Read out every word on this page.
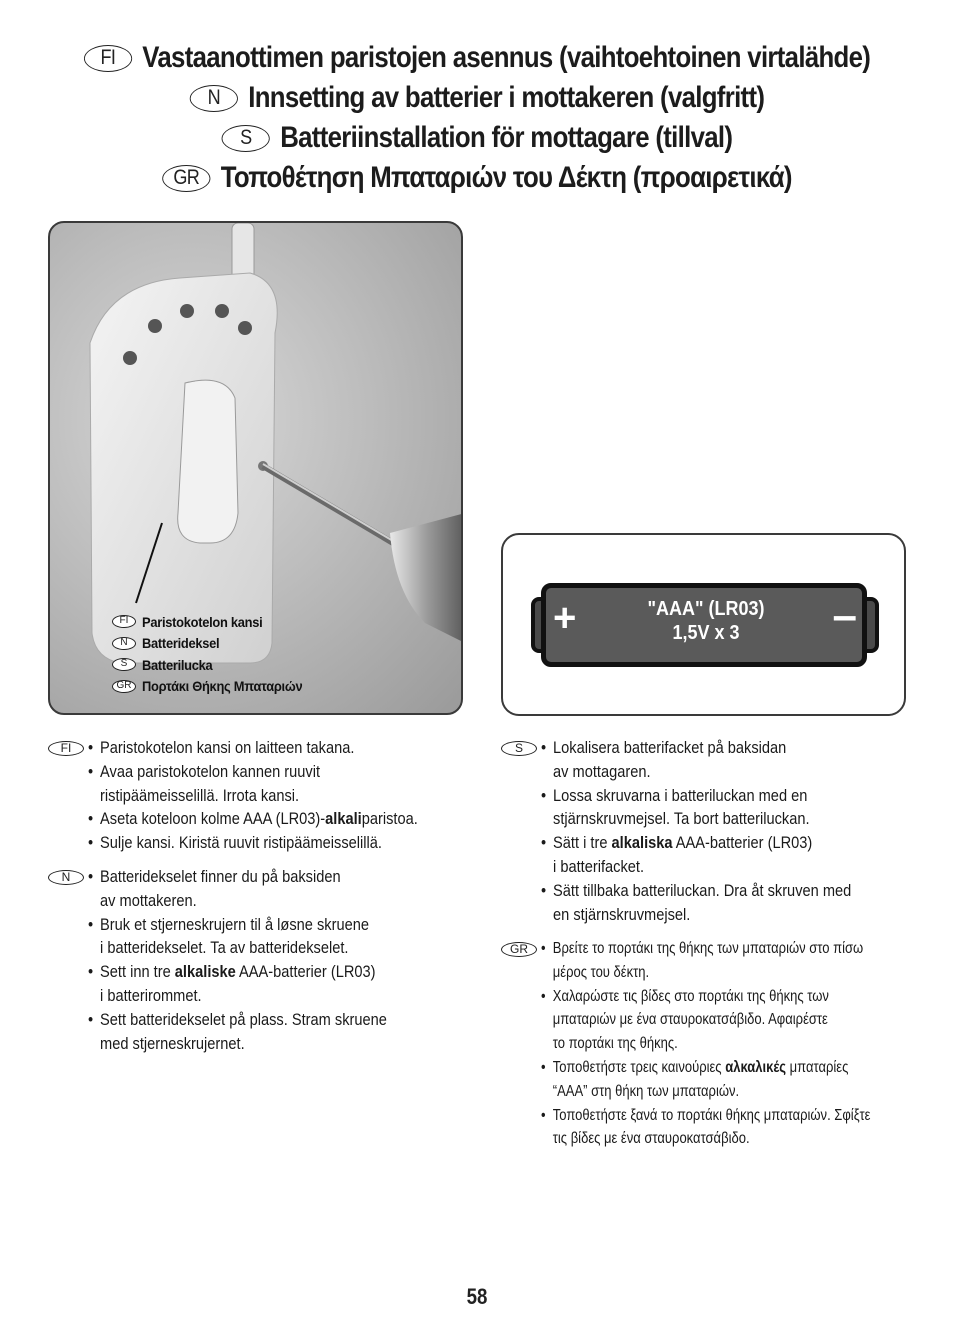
FI Vastaanottimen paristojen asennus (vaihtoehtoinen virtalähde)
N Innsetting av batterier i mottakeren (valgfritt)
S Batteriinstallation för mottagare (tillval)
GR Τοποθέτηση Μπαταριών του Δέκτη (προαιρετικά)
FI Paristokotelon kansi
N	Batterideksel
S	Batterilucka
GR Πορτάκι Θήκης Μπαταριών
+	–
"AAA" (LR03)
1,5V x 3
FI	• Paristokotelon kansi on laitteen takana.
• Avaa paristokotelon kannen ruuvit
ristipäämeisselillä. Irrota kansi.
• Aseta koteloon kolme AAA (LR03)-alkaliparistoa.
• Sulje kansi. Kiristä ruuvit ristipäämeisselillä.
N	• Batteridekselet finner du på baksiden
av mottakeren.
• Bruk et stjerneskrujern til å løsne skruene
i batteridekselet. Ta av batteridekselet.
• Sett inn tre alkaliske AAA-batterier (LR03)
i batterirommet.
• Sett batteridekselet på plass. Stram skruene
med stjerneskrujernet.
S	• Lokalisera batterifacket på baksidan
av mottagaren.
• Lossa skruvarna i batteriluckan med en
stjärnskruvmejsel. Ta bort batteriluckan.
• Sätt i tre alkaliska AAA-batterier (LR03)
i batterifacket.
• Sätt tillbaka batteriluckan. Dra åt skruven med
en stjärnskruvmejsel.
GR	• Βρείτε το πορτάκι της θήκης των μπαταριών στο πίσω
μέρος του δέκτη.
• Χαλαρώστε τις βίδες στο πορτάκι της θήκης των
μπαταριών με ένα σταυροκατσάβιδο. Αφαιρέστε
το πορτάκι της θήκης.
• Τοποθετήστε τρεις καινούριες αλκαλικές μπαταρίες
“AAA” στη θήκη των μπαταριών.
• Τοποθετήστε ξανά το πορτάκι θήκης μπαταριών. Σφίξτε
τις βίδες με ένα σταυροκατσάβιδο.
58
